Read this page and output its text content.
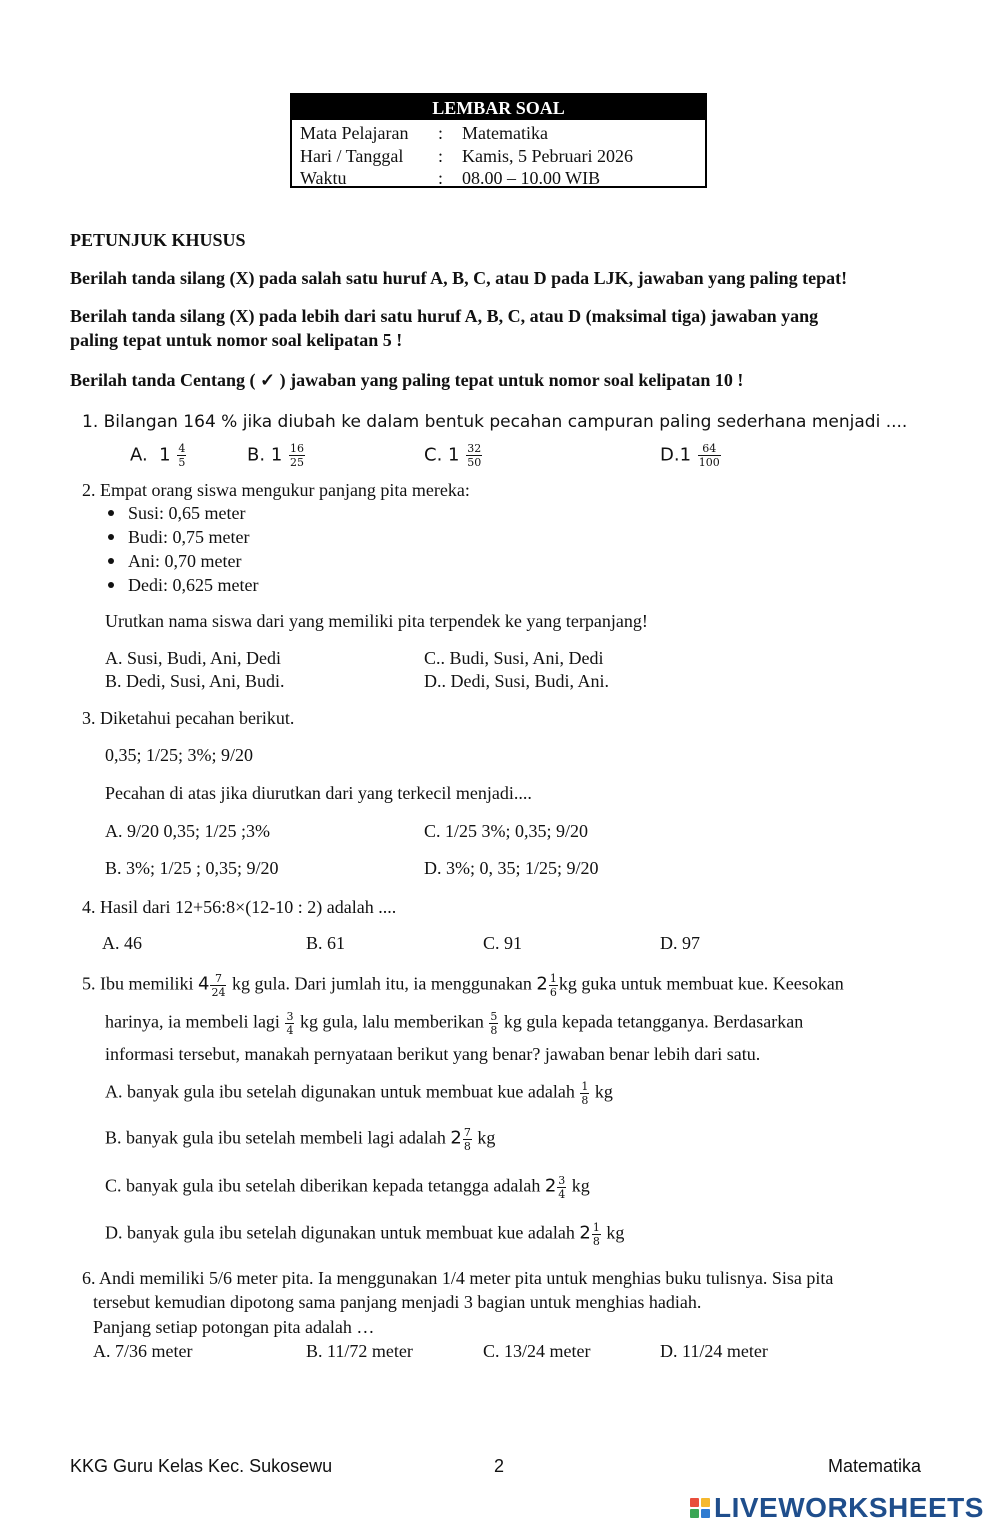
LEMBAR SOAL
Mata Pelajaran : Matematika
Hari / Tanggal : Kamis, 5 Pebruari 2026
Waktu	: 08.00 – 10.00 WIB
PETUNJUK KHUSUS
Berilah tanda silang (X) pada salah satu huruf A, B, C, atau D pada LJK, jawaban yang paling tepat!
Berilah tanda silang (X) pada lebih dari satu huruf A, B, C, atau D (maksimal tiga) jawaban yang
paling tepat untuk nomor soal kelipatan 5 !
Berilah tanda Centang ( ✓ ) jawaban yang paling tepat untuk nomor soal kelipatan 10 !
1. Bilangan 164 % jika diubah ke dalam bentuk pecahan campuran paling sederhana menjadi ....
A. $1 \frac{4}{5}$	B. $1 \frac{16}{25}$	C. $1 \frac{32}{50}$	$D.1 \frac{64}{100}$
2. Empat orang siswa mengukur panjang pita mereka:
Susi: 0,65 meter
Budi: 0,75 meter
Ani: 0,70 meter
Dedi: 0,625 meter
Urutkan nama siswa dari yang memiliki pita terpendek ke yang terpanjang!
A. Susi, Budi, Ani, Dedi
B. Dedi, Susi, Ani, Budi.
C.. Budi, Susi, Ani, Dedi
D.. Dedi, Susi, Budi, Ani.
3. Diketahui pecahan berikut.
0,35; 1/25; 3%; 9/20
Pecahan di atas jika diurutkan dari yang terkecil menjadi....
A. 9/20 0,35; 1/25 ;3%	C. 1/25 3%; 0,35; 9/20
B. 3%; 1/25 ; 0,35; 9/20	D. 3%; 0, 35; 1/25; 9/20
4. Hasil dari 12+56:8×(12-10 : 2) adalah ....
A. 46	B. 61	C. 91	D. 97
5. Ibu memiliki $4 \frac{7}{24}$ kg gula. Dari jumlah itu, ia menggunakan $2 \frac{1}{6}$ kg guka untuk membuat kue. Keesokan
harinya, ia membeli lagi $\frac{3}{4}$ kg gula, lalu memberikan $\frac{5}{8}$ kg gula kepada tetangganya. Berdasarkan
informasi tersebut, manakah pernyataan berikut yang benar? jawaban benar lebih dari satu.
A. banyak gula ibu setelah digunakan untuk membuat kue adalah $\frac{1}{8}$ kg
B. banyak gula ibu setelah membeli lagi adalah $2 \frac{7}{8}$ kg
C. banyak gula ibu setelah diberikan kepada tetangga adalah $2 \frac{3}{4}$ kg
D. banyak gula ibu setelah digunakan untuk membuat kue adalah $2 \frac{1}{8}$ kg
6. Andi memiliki 5/6 meter pita. Ia menggunakan 1/4 meter pita untuk menghias buku tulisnya. Sisa pita
tersebut kemudian dipotong sama panjang menjadi 3 bagian untuk menghias hadiah.
Panjang setiap potongan pita adalah …
A. 7/36 meter	B. 11/72 meter	C. 13/24 meter	D. 11/24 meter
KKG Guru Kelas Kec. Sukosewu	2	Matematika
LIVEWORKSHEETS
